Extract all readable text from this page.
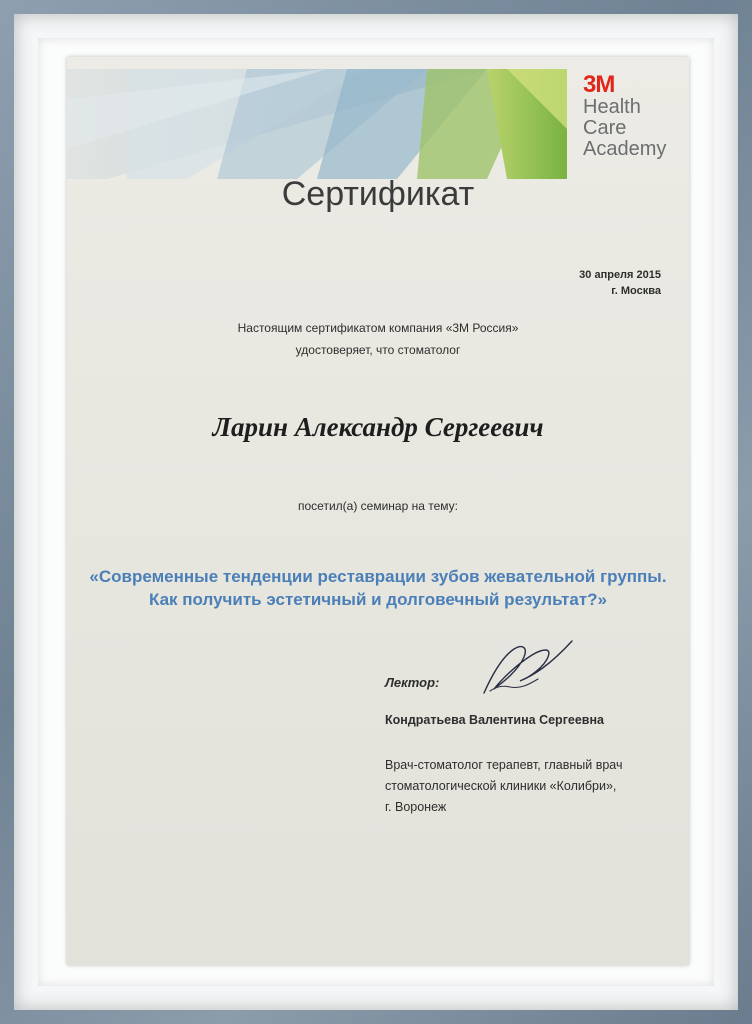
3M
Health
Care
Academy
Сертификат
30 апреля 2015
г. Москва
Настоящим сертификатом компания «3М Россия»
удостоверяет, что стоматолог
Ларин Александр Сергеевич
посетил(а) семинар на тему:
«Современные тенденции реставрации зубов жевательной группы.
Как получить эстетичный и долговечный результат?»
Лектор:
Кондратьева Валентина Сергеевна
Врач-стоматолог терапевт, главный врач
стоматологической клиники «Колибри»,
г. Воронеж
